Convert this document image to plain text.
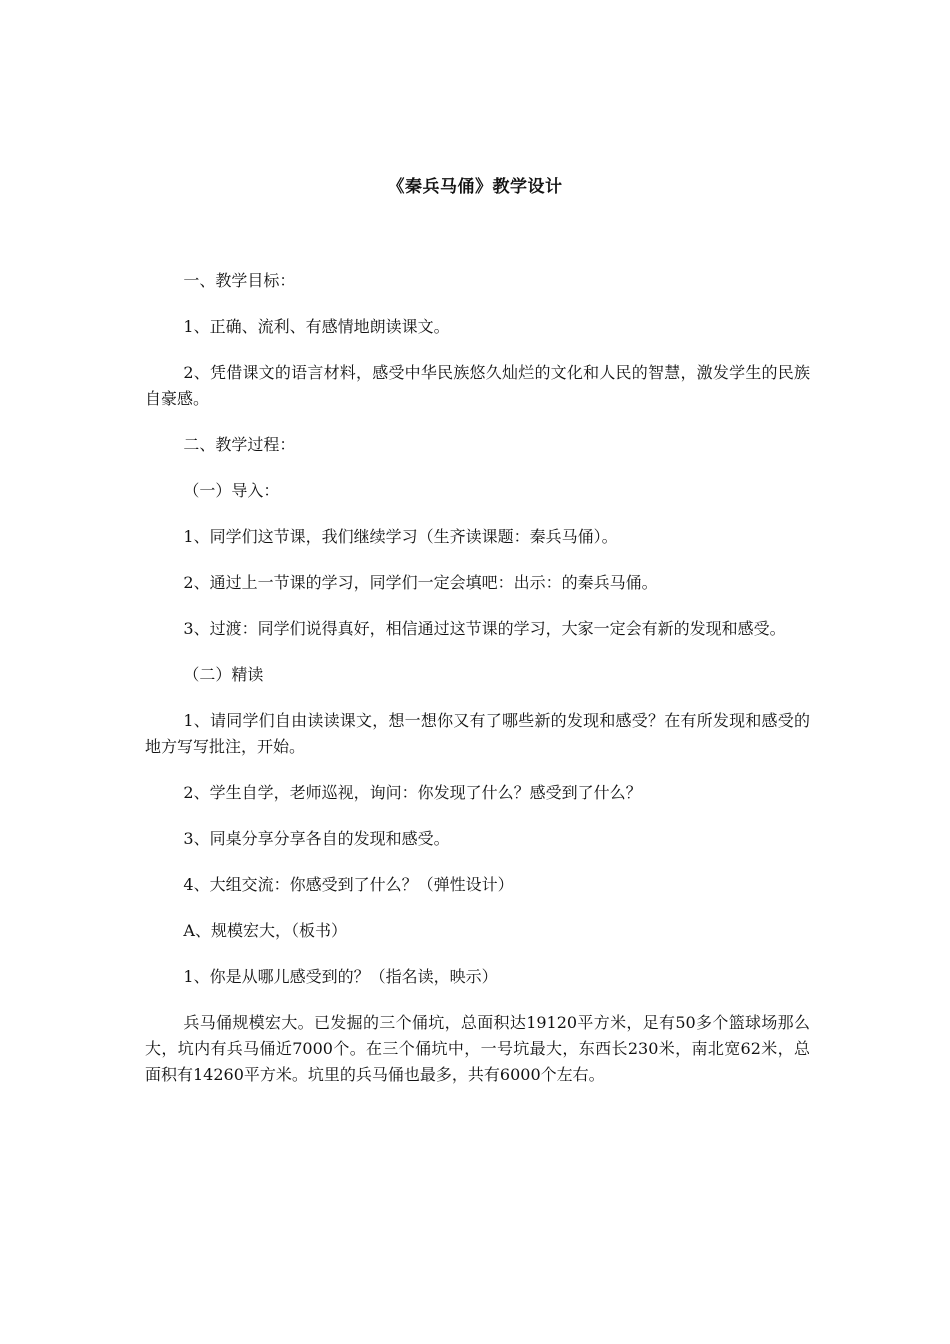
《秦兵马俑》教学设计

一、教学目标：

1、正确、流利、有感情地朗读课文。

2、凭借课文的语言材料，感受中华民族悠久灿烂的文化和人民的智慧，激发学生的民族自豪感。

二、教学过程：

（一）导入：

1、同学们这节课，我们继续学习（生齐读课题：秦兵马俑）。

2、通过上一节课的学习，同学们一定会填吧：出示：的秦兵马俑。

3、过渡：同学们说得真好，相信通过这节课的学习，大家一定会有新的发现和感受。

（二）精读

1、请同学们自由读读课文，想一想你又有了哪些新的发现和感受？在有所发现和感受的地方写写批注，开始。

2、学生自学，老师巡视，询问：你发现了什么？感受到了什么？

3、同桌分享分享各自的发现和感受。

4、大组交流：你感受到了什么？（弹性设计）

A、规模宏大，（板书）

1、你是从哪儿感受到的？（指名读，映示）

兵马俑规模宏大。已发掘的三个俑坑，总面积达19120平方米，足有50多个篮球场那么大，坑内有兵马俑近7000个。在三个俑坑中，一号坑最大，东西长230米，南北宽62米，总面积有14260平方米。坑里的兵马俑也最多，共有6000个左右。
